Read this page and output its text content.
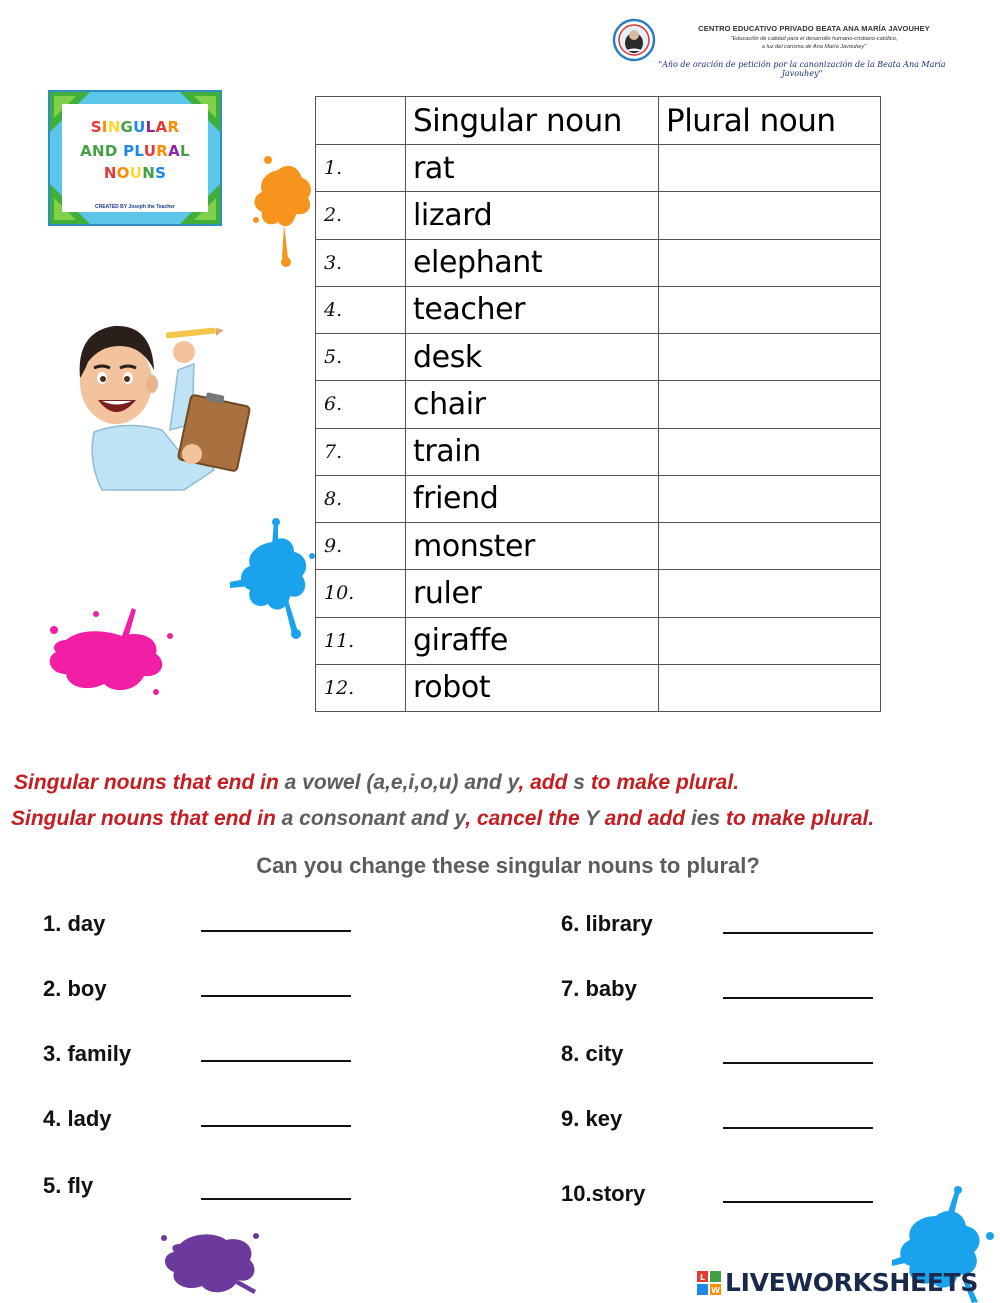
CENTRO EDUCATIVO PRIVADO BEATA ANA MARÍA JAVOUHEY
"Educación de calidad para el desarrollo humano-cristiano-católico,
a luz del carisma de Ana María Javouhey"
"Año de oración de petición por la canonización de la Beata Ana María Javouhey"
SINGULAR
AND PLURAL
NOUNS
CREATED BY Joseph the Teacher
	Singular noun	Plural noun
1.	rat	
2.	lizard	
3.	elephant	
4.	teacher	
5.	desk	
6.	chair	
7.	train	
8.	friend	
9.	monster	
10.	ruler	
11.	giraffe	
12.	robot	
Singular nouns that end in a vowel (a,e,i,o,u) and y, add s to make plural.
Singular nouns that end in a consonant and y, cancel the Y and add ies to make plural.
Can you change these singular nouns to plural?
1. day
2. boy
3. family
4. lady
5. fly
6. library
7. baby
8. city
9. key
10.story
L
W LIVEWORKSHEETS
